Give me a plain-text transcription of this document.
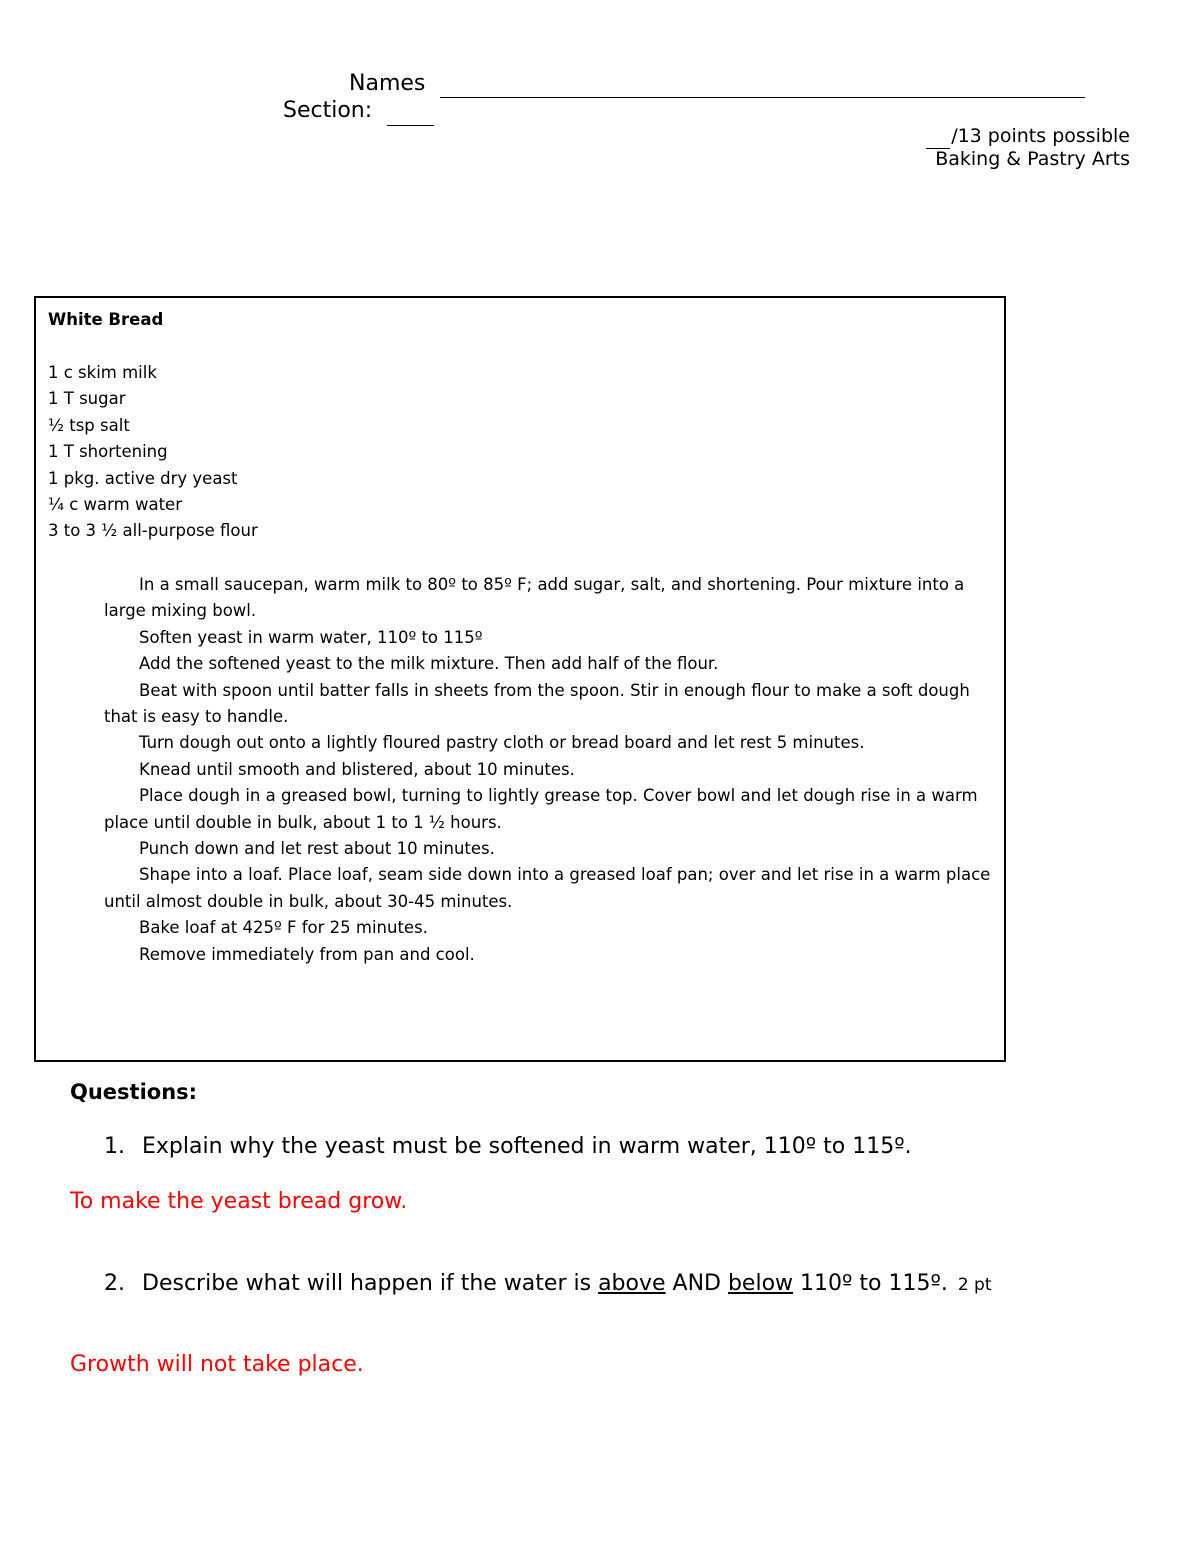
Names
Section:
/13 points possible
Baking & Pastry Arts
White Bread
1 c skim milk
1 T sugar
½ tsp salt
1 T shortening
1 pkg. active dry yeast
¼ c warm water
3 to 3 ½ all-purpose flour
In a small saucepan, warm milk to 80º to 85º F; add sugar, salt, and shortening. Pour mixture into a large mixing bowl.
Soften yeast in warm water, 110º to 115º
Add the softened yeast to the milk mixture. Then add half of the flour.
Beat with spoon until batter falls in sheets from the spoon. Stir in enough flour to make a soft dough that is easy to handle.
Turn dough out onto a lightly floured pastry cloth or bread board and let rest 5 minutes.
Knead until smooth and blistered, about 10 minutes.
Place dough in a greased bowl, turning to lightly grease top. Cover bowl and let dough rise in a warm place until double in bulk, about 1 to 1 ½ hours.
Punch down and let rest about 10 minutes.
Shape into a loaf. Place loaf, seam side down into a greased loaf pan; over and let rise in a warm place until almost double in bulk, about 30-45 minutes.
Bake loaf at 425º F for 25 minutes.
Remove immediately from pan and cool.
Questions:
1. Explain why the yeast must be softened in warm water, 110º to 115º.
To make the yeast bread grow.
2. Describe what will happen if the water is above AND below 110º to 115º. 2 pt
Growth will not take place.
